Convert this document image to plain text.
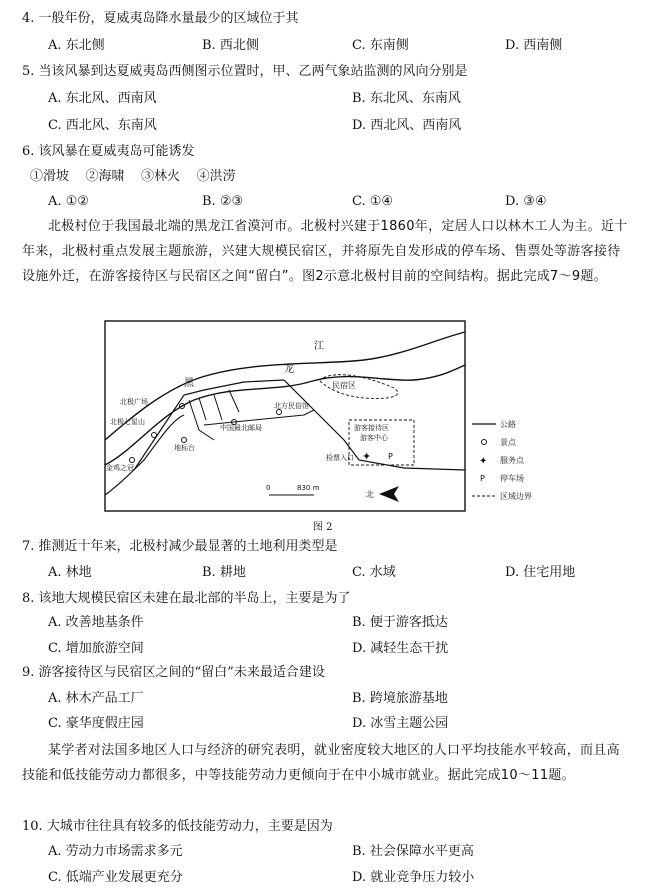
4. 一般年份，夏威夷岛降水量最少的区域位于其
A. 东北侧	B. 西北侧	C. 东南侧	D. 西南侧
5. 当该风暴到达夏威夷岛西侧图示位置时，甲、乙两气象站监测的风向分别是
A. 东北风、西南风	B. 东北风、东南风
C. 西北风、东南风	D. 西北风、西南风
6. 该风暴在夏威夷岛可能诱发
①滑坡    ②海啸    ③林火    ④洪涝
A. ①②	B. ②③	C. ①④	D. ③④
北极村位于我国最北端的黑龙江省漠河市。北极村兴建于1860年，定居人口以林木工人为主。近十年来，北极村重点发展主题旅游，兴建大规模民宿区，并将原先自发形成的停车场、售票处等游客接待设施外迁，在游客接待区与民宿区之间“留白”。图2示意北极村目前的空间结构。据此完成7～9题。
✦
江
龙
黑	民宿区
北极广场	北方民俗馆
北极七星山
中国最北邮局
地标台
金鸡之冠
游客接待区
游客中心
检票入口	P
0	830 m
北
公路
景点
✦ 服务点
P 停车场
区域边界
图 2
7. 推测近十年来，北极村减少最显著的土地利用类型是
A. 林地	B. 耕地	C. 水域	D. 住宅用地
8. 该地大规模民宿区未建在最北部的半岛上，主要是为了
A. 改善地基条件	B. 便于游客抵达
C. 增加旅游空间	D. 减轻生态干扰
9. 游客接待区与民宿区之间的“留白”未来最适合建设
A. 林木产品工厂	B. 跨境旅游基地
C. 豪华度假庄园	D. 冰雪主题公园
某学者对法国多地区人口与经济的研究表明，就业密度较大地区的人口平均技能水平较高，而且高技能和低技能劳动力都很多，中等技能劳动力更倾向于在中小城市就业。据此完成10～11题。
10. 大城市往往具有较多的低技能劳动力，主要是因为
A. 劳动力市场需求多元	B. 社会保障水平更高
C. 低端产业发展更充分	D. 就业竞争压力较小
